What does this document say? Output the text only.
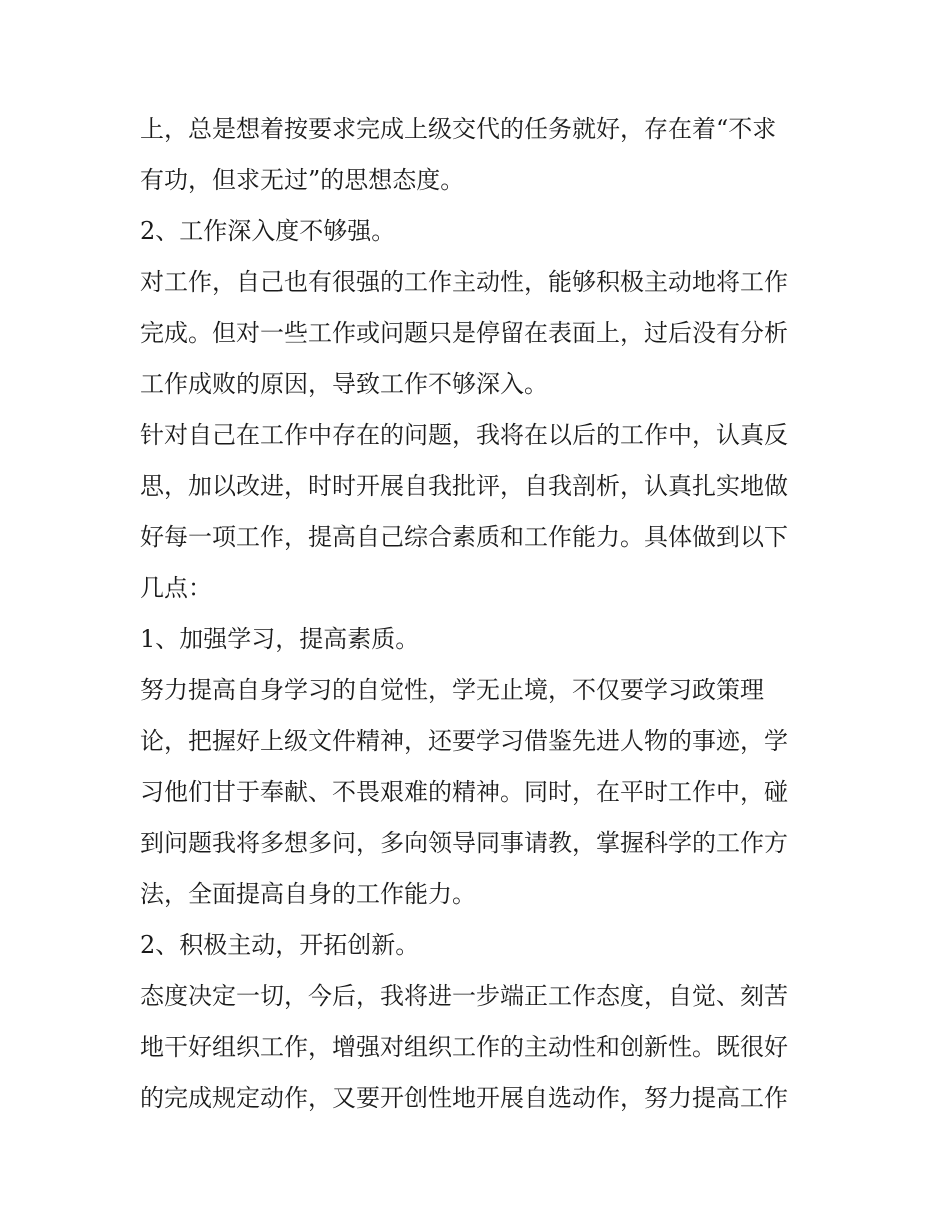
上，总是想着按要求完成上级交代的任务就好，存在着“不求
有功，但求无过”的思想态度。
2、工作深入度不够强。
对工作，自己也有很强的工作主动性，能够积极主动地将工作
完成。但对一些工作或问题只是停留在表面上，过后没有分析
工作成败的原因，导致工作不够深入。
针对自己在工作中存在的问题，我将在以后的工作中，认真反
思，加以改进，时时开展自我批评，自我剖析，认真扎实地做
好每一项工作，提高自己综合素质和工作能力。具体做到以下
几点：
1、加强学习，提高素质。
努力提高自身学习的自觉性，学无止境，不仅要学习政策理
论，把握好上级文件精神，还要学习借鉴先进人物的事迹，学
习他们甘于奉献、不畏艰难的精神。同时，在平时工作中，碰
到问题我将多想多问，多向领导同事请教，掌握科学的工作方
法，全面提高自身的工作能力。
2、积极主动，开拓创新。
态度决定一切，今后，我将进一步端正工作态度，自觉、刻苦
地干好组织工作，增强对组织工作的主动性和创新性。既很好
的完成规定动作，又要开创性地开展自选动作，努力提高工作
